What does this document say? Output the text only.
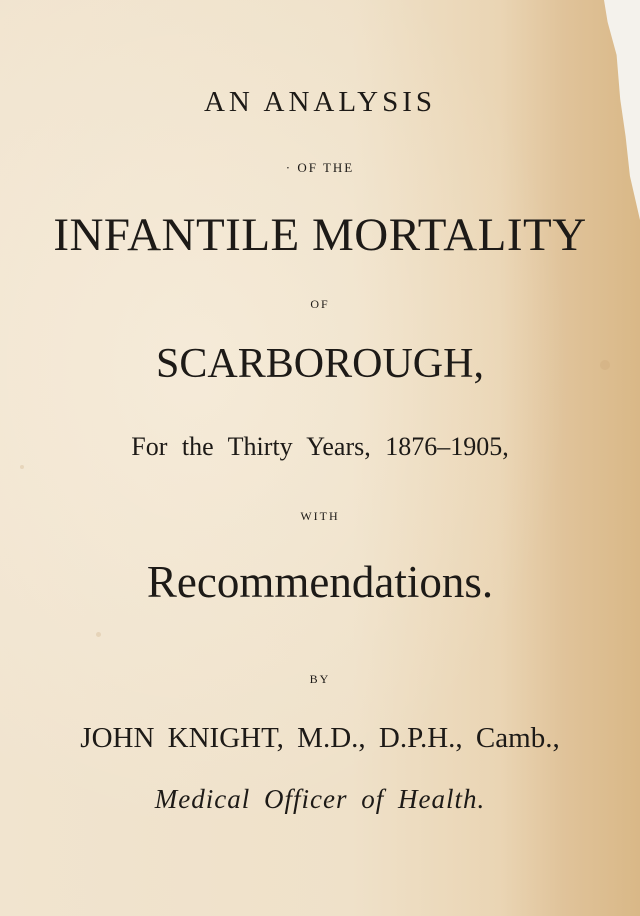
AN ANALYSIS
· OF THE
INFANTILE MORTALITY
OF
SCARBOROUGH,
For the Thirty Years, 1876–1905,
WITH
Recommendations.
BY
JOHN KNIGHT, M.D., D.P.H., Camb.,
Medical Officer of Health.
